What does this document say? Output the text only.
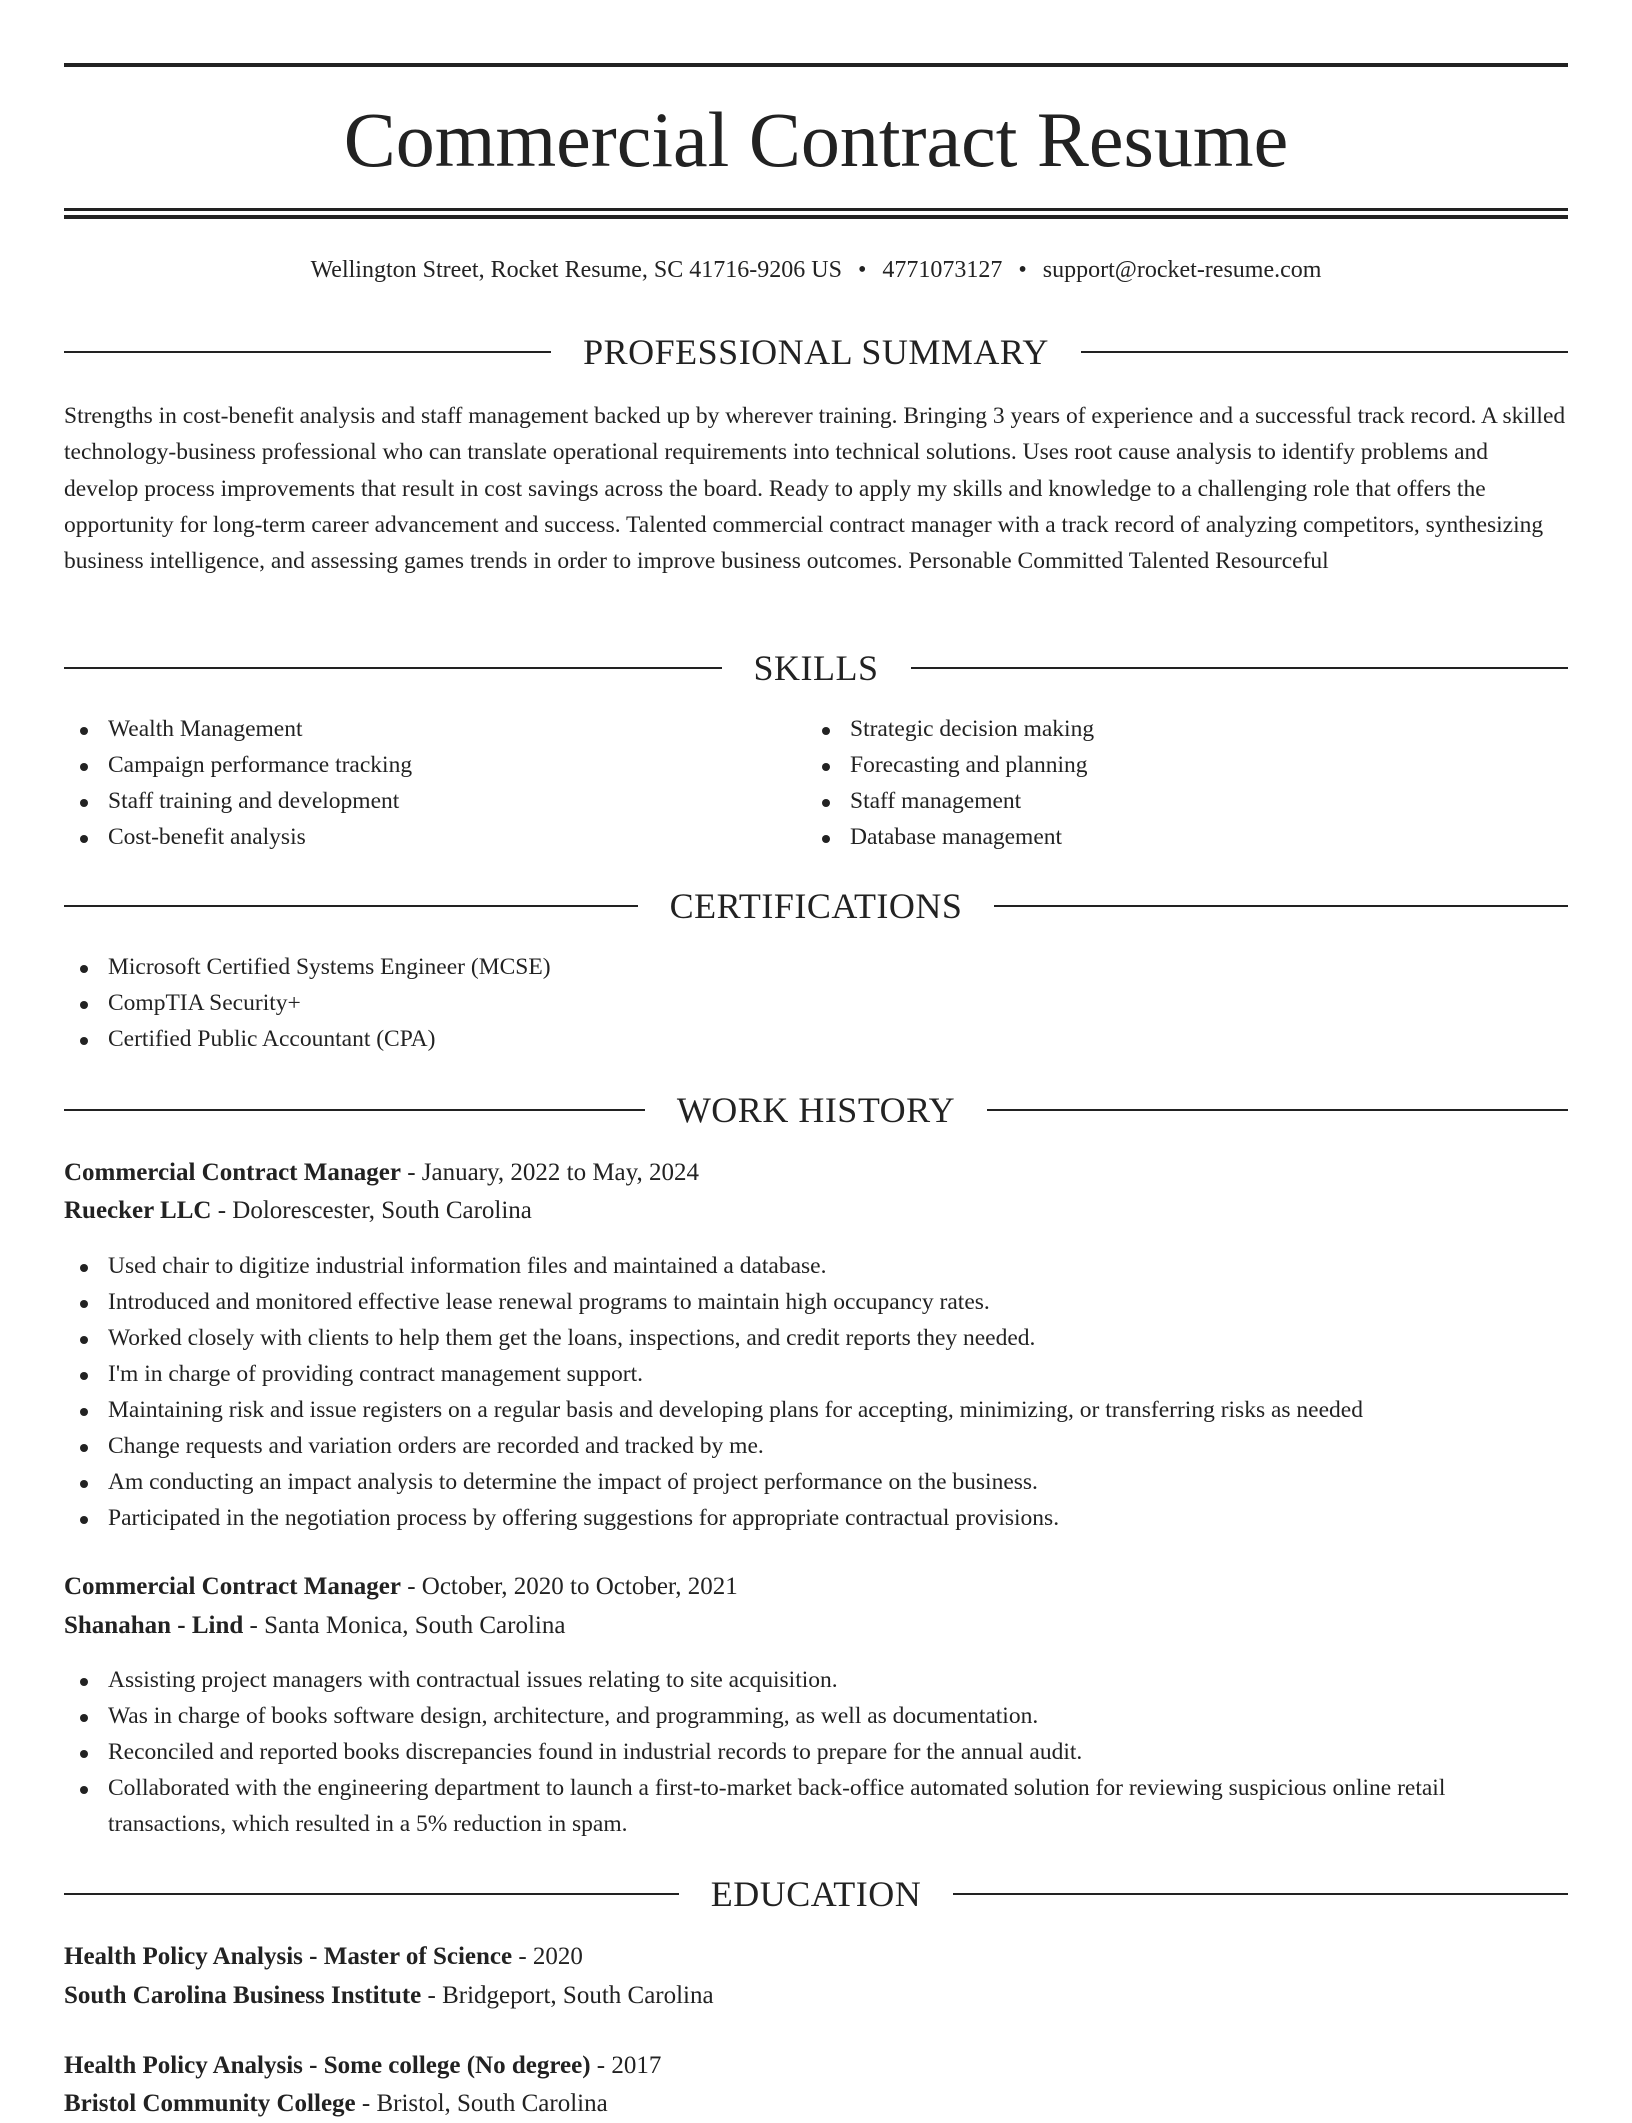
Commercial Contract Resume
Wellington Street, Rocket Resume, SC 41716-9206 US • 4771073127 • support@rocket-resume.com
PROFESSIONAL SUMMARY

Strengths in cost-benefit analysis and staff management backed up by wherever training. Bringing 3 years of experience and a successful track record. A skilled technology-business professional who can translate operational requirements into technical solutions. Uses root cause analysis to identify problems and develop process improvements that result in cost savings across the board. Ready to apply my skills and knowledge to a challenging role that offers the opportunity for long-term career advancement and success. Talented commercial contract manager with a track record of analyzing competitors, synthesizing business intelligence, and assessing games trends in order to improve business outcomes. Personable Committed Talented Resourceful

SKILLS
Wealth Management
Campaign performance tracking
Staff training and development
Cost-benefit analysis
Strategic decision making
Forecasting and planning
Staff management
Database management
CERTIFICATIONS
Microsoft Certified Systems Engineer (MCSE)
CompTIA Security+
Certified Public Accountant (CPA)
WORK HISTORY
Commercial Contract Manager - January, 2022 to May, 2024
Ruecker LLC - Dolorescester, South Carolina
Used chair to digitize industrial information files and maintained a database.
Introduced and monitored effective lease renewal programs to maintain high occupancy rates.
Worked closely with clients to help them get the loans, inspections, and credit reports they needed.
I'm in charge of providing contract management support.
Maintaining risk and issue registers on a regular basis and developing plans for accepting, minimizing, or transferring risks as needed
Change requests and variation orders are recorded and tracked by me.
Am conducting an impact analysis to determine the impact of project performance on the business.
Participated in the negotiation process by offering suggestions for appropriate contractual provisions.
Commercial Contract Manager - October, 2020 to October, 2021
Shanahan - Lind - Santa Monica, South Carolina
Assisting project managers with contractual issues relating to site acquisition.
Was in charge of books software design, architecture, and programming, as well as documentation.
Reconciled and reported books discrepancies found in industrial records to prepare for the annual audit.
Collaborated with the engineering department to launch a first-to-market back-office automated solution for reviewing suspicious online retail transactions, which resulted in a 5% reduction in spam.
EDUCATION
Health Policy Analysis - Master of Science - 2020
South Carolina Business Institute - Bridgeport, South Carolina
Health Policy Analysis - Some college (No degree) - 2017
Bristol Community College - Bristol, South Carolina
